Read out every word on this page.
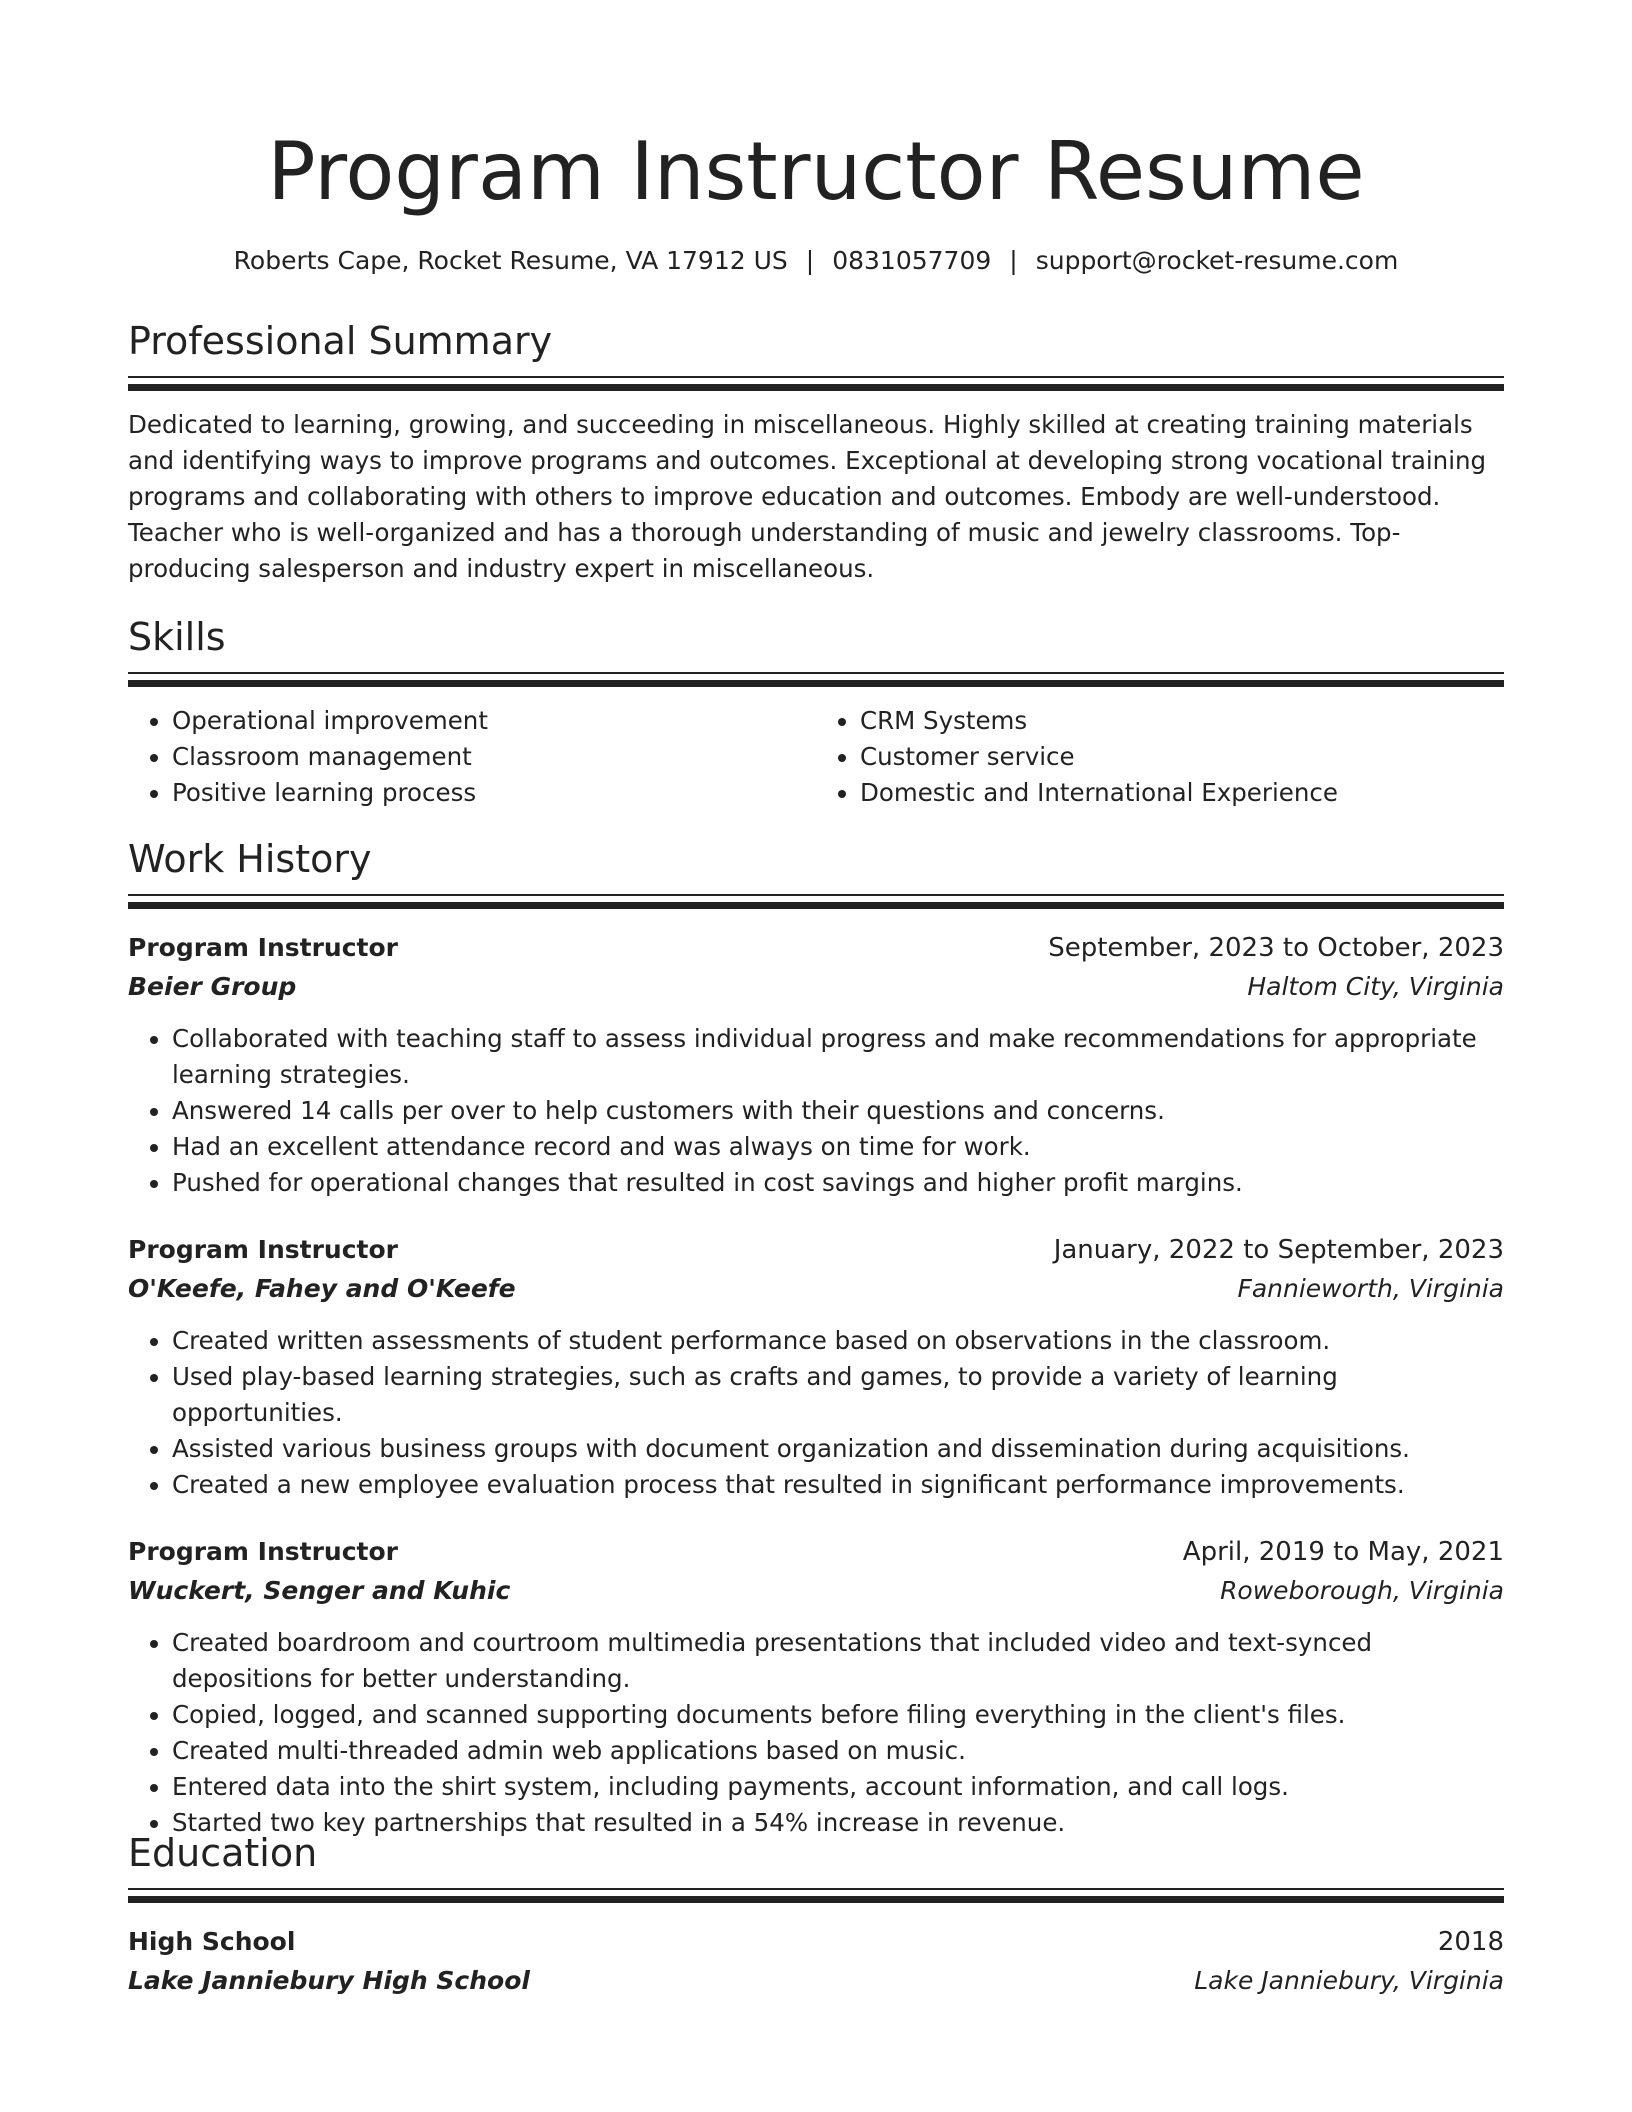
Program Instructor Resume
Roberts Cape, Rocket Resume, VA 17912 US | 0831057709 | support@rocket-resume.com
Professional Summary
Dedicated to learning, growing, and succeeding in miscellaneous. Highly skilled at creating training materials and identifying ways to improve programs and outcomes. Exceptional at developing strong vocational training programs and collaborating with others to improve education and outcomes. Embody are well-understood. Teacher who is well-organized and has a thorough understanding of music and jewelry classrooms. Top-producing salesperson and industry expert in miscellaneous.
Skills
• Operational improvement
• Classroom management
• Positive learning process
• CRM Systems
• Customer service
• Domestic and International Experience
Work History
Program Instructor	September, 2023 to October, 2023
Beier Group	Haltom City, Virginia
• Collaborated with teaching staff to assess individual progress and make recommendations for appropriate learning strategies.
• Answered 14 calls per over to help customers with their questions and concerns.
• Had an excellent attendance record and was always on time for work.
• Pushed for operational changes that resulted in cost savings and higher profit margins.
Program Instructor	January, 2022 to September, 2023
O'Keefe, Fahey and O'Keefe	Fannieworth, Virginia
• Created written assessments of student performance based on observations in the classroom.
• Used play-based learning strategies, such as crafts and games, to provide a variety of learning opportunities.
• Assisted various business groups with document organization and dissemination during acquisitions.
• Created a new employee evaluation process that resulted in significant performance improvements.
Program Instructor	April, 2019 to May, 2021
Wuckert, Senger and Kuhic	Roweborough, Virginia
• Created boardroom and courtroom multimedia presentations that included video and text-synced depositions for better understanding.
• Copied, logged, and scanned supporting documents before filing everything in the client's files.
• Created multi-threaded admin web applications based on music.
• Entered data into the shirt system, including payments, account information, and call logs.
• Started two key partnerships that resulted in a 54% increase in revenue.
Education
High School	2018
Lake Janniebury High School	Lake Janniebury, Virginia
